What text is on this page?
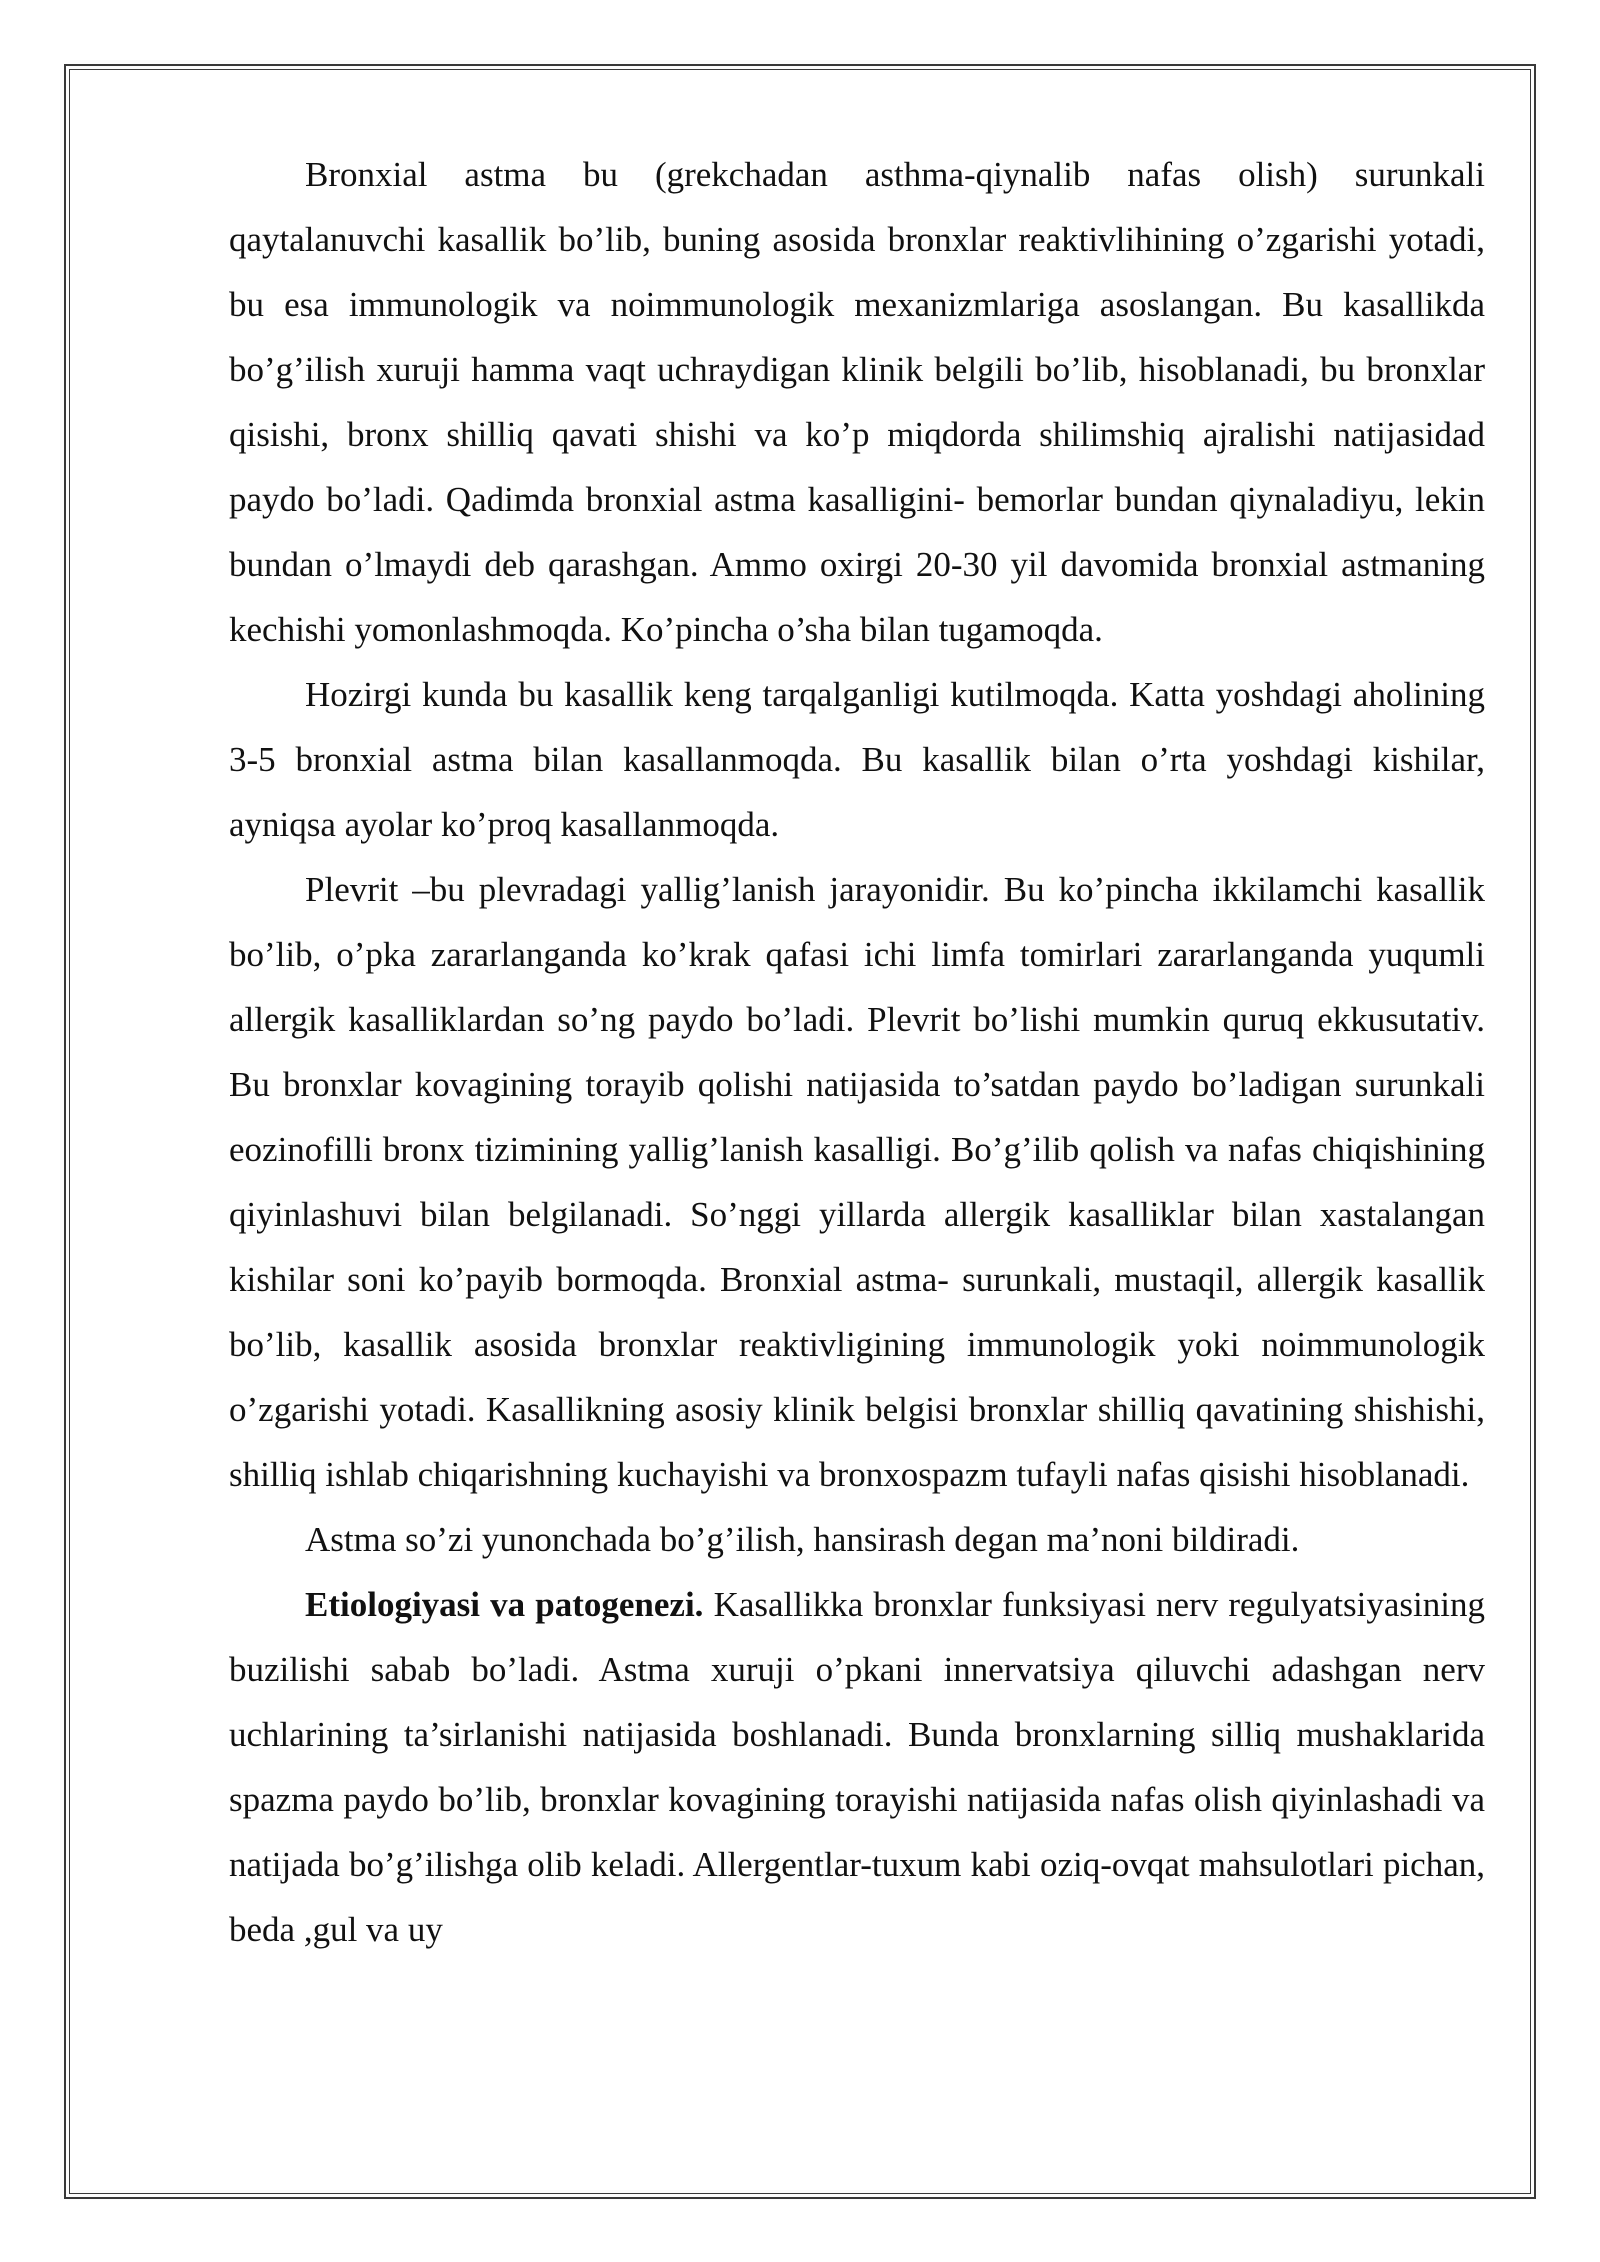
Bronxial astma bu (grekchadan asthma-qiynalib nafas olish) surunkali qaytalanuvchi kasallik bo’lib, buning asosida bronxlar reaktivlihining o’zgarishi yotadi, bu esa immunologik va noimmunologik mexanizmlariga asoslangan. Bu kasallikda bo’g’ilish xuruji hamma vaqt uchraydigan klinik belgili bo’lib, hisoblanadi, bu bronxlar qisishi, bronx shilliq qavati shishi va ko’p miqdorda shilimshiq ajralishi natijasidad paydo bo’ladi. Qadimda bronxial astma kasalligini- bemorlar bundan qiynaladiyu, lekin bundan o’lmaydi deb qarashgan. Ammo oxirgi 20-30 yil davomida bronxial astmaning kechishi yomonlashmoqda. Ko’pincha o’sha bilan tugamoqda.

Hozirgi kunda bu kasallik keng tarqalganligi kutilmoqda. Katta yoshdagi aholining 3-5 bronxial astma bilan kasallanmoqda. Bu kasallik bilan o’rta yoshdagi kishilar, ayniqsa ayolar ko’proq kasallanmoqda.

Plevrit –bu plevradagi yallig’lanish jarayonidir. Bu ko’pincha ikkilamchi kasallik bo’lib, o’pka zararlanganda ko’krak qafasi ichi limfa tomirlari zararlanganda yuqumli allergik kasalliklardan so’ng paydo bo’ladi. Plevrit bo’lishi mumkin quruq ekkusutativ. Bu bronxlar kovagining torayib qolishi natijasida to’satdan paydo bo’ladigan surunkali eozinofilli bronx tizimining yallig’lanish kasalligi. Bo’g’ilib qolish va nafas chiqishining qiyinlashuvi bilan belgilanadi. So’nggi yillarda allergik kasalliklar bilan xastalangan kishilar soni ko’payib bormoqda. Bronxial astma- surunkali, mustaqil, allergik kasallik bo’lib, kasallik asosida bronxlar reaktivligining immunologik yoki noimmunologik o’zgarishi yotadi. Kasallikning asosiy klinik belgisi bronxlar shilliq qavatining shishishi, shilliq ishlab chiqarishning kuchayishi va bronxospazm tufayli nafas qisishi hisoblanadi.

Astma so’zi yunonchada bo’g’ilish, hansirash degan ma’noni bildiradi.

Etiologiyasi va patogenezi. Kasallikka bronxlar funksiyasi nerv regulyatsiyasining buzilishi sabab bo’ladi. Astma xuruji o’pkani innervatsiya qiluvchi adashgan nerv uchlarining ta’sirlanishi natijasida boshlanadi. Bunda bronxlarning silliq mushaklarida spazma paydo bo’lib, bronxlar kovagining torayishi natijasida nafas olish qiyinlashadi va natijada bo’g’ilishga olib keladi. Allergentlar-tuxum kabi oziq-ovqat mahsulotlari pichan, beda ,gul va uy
